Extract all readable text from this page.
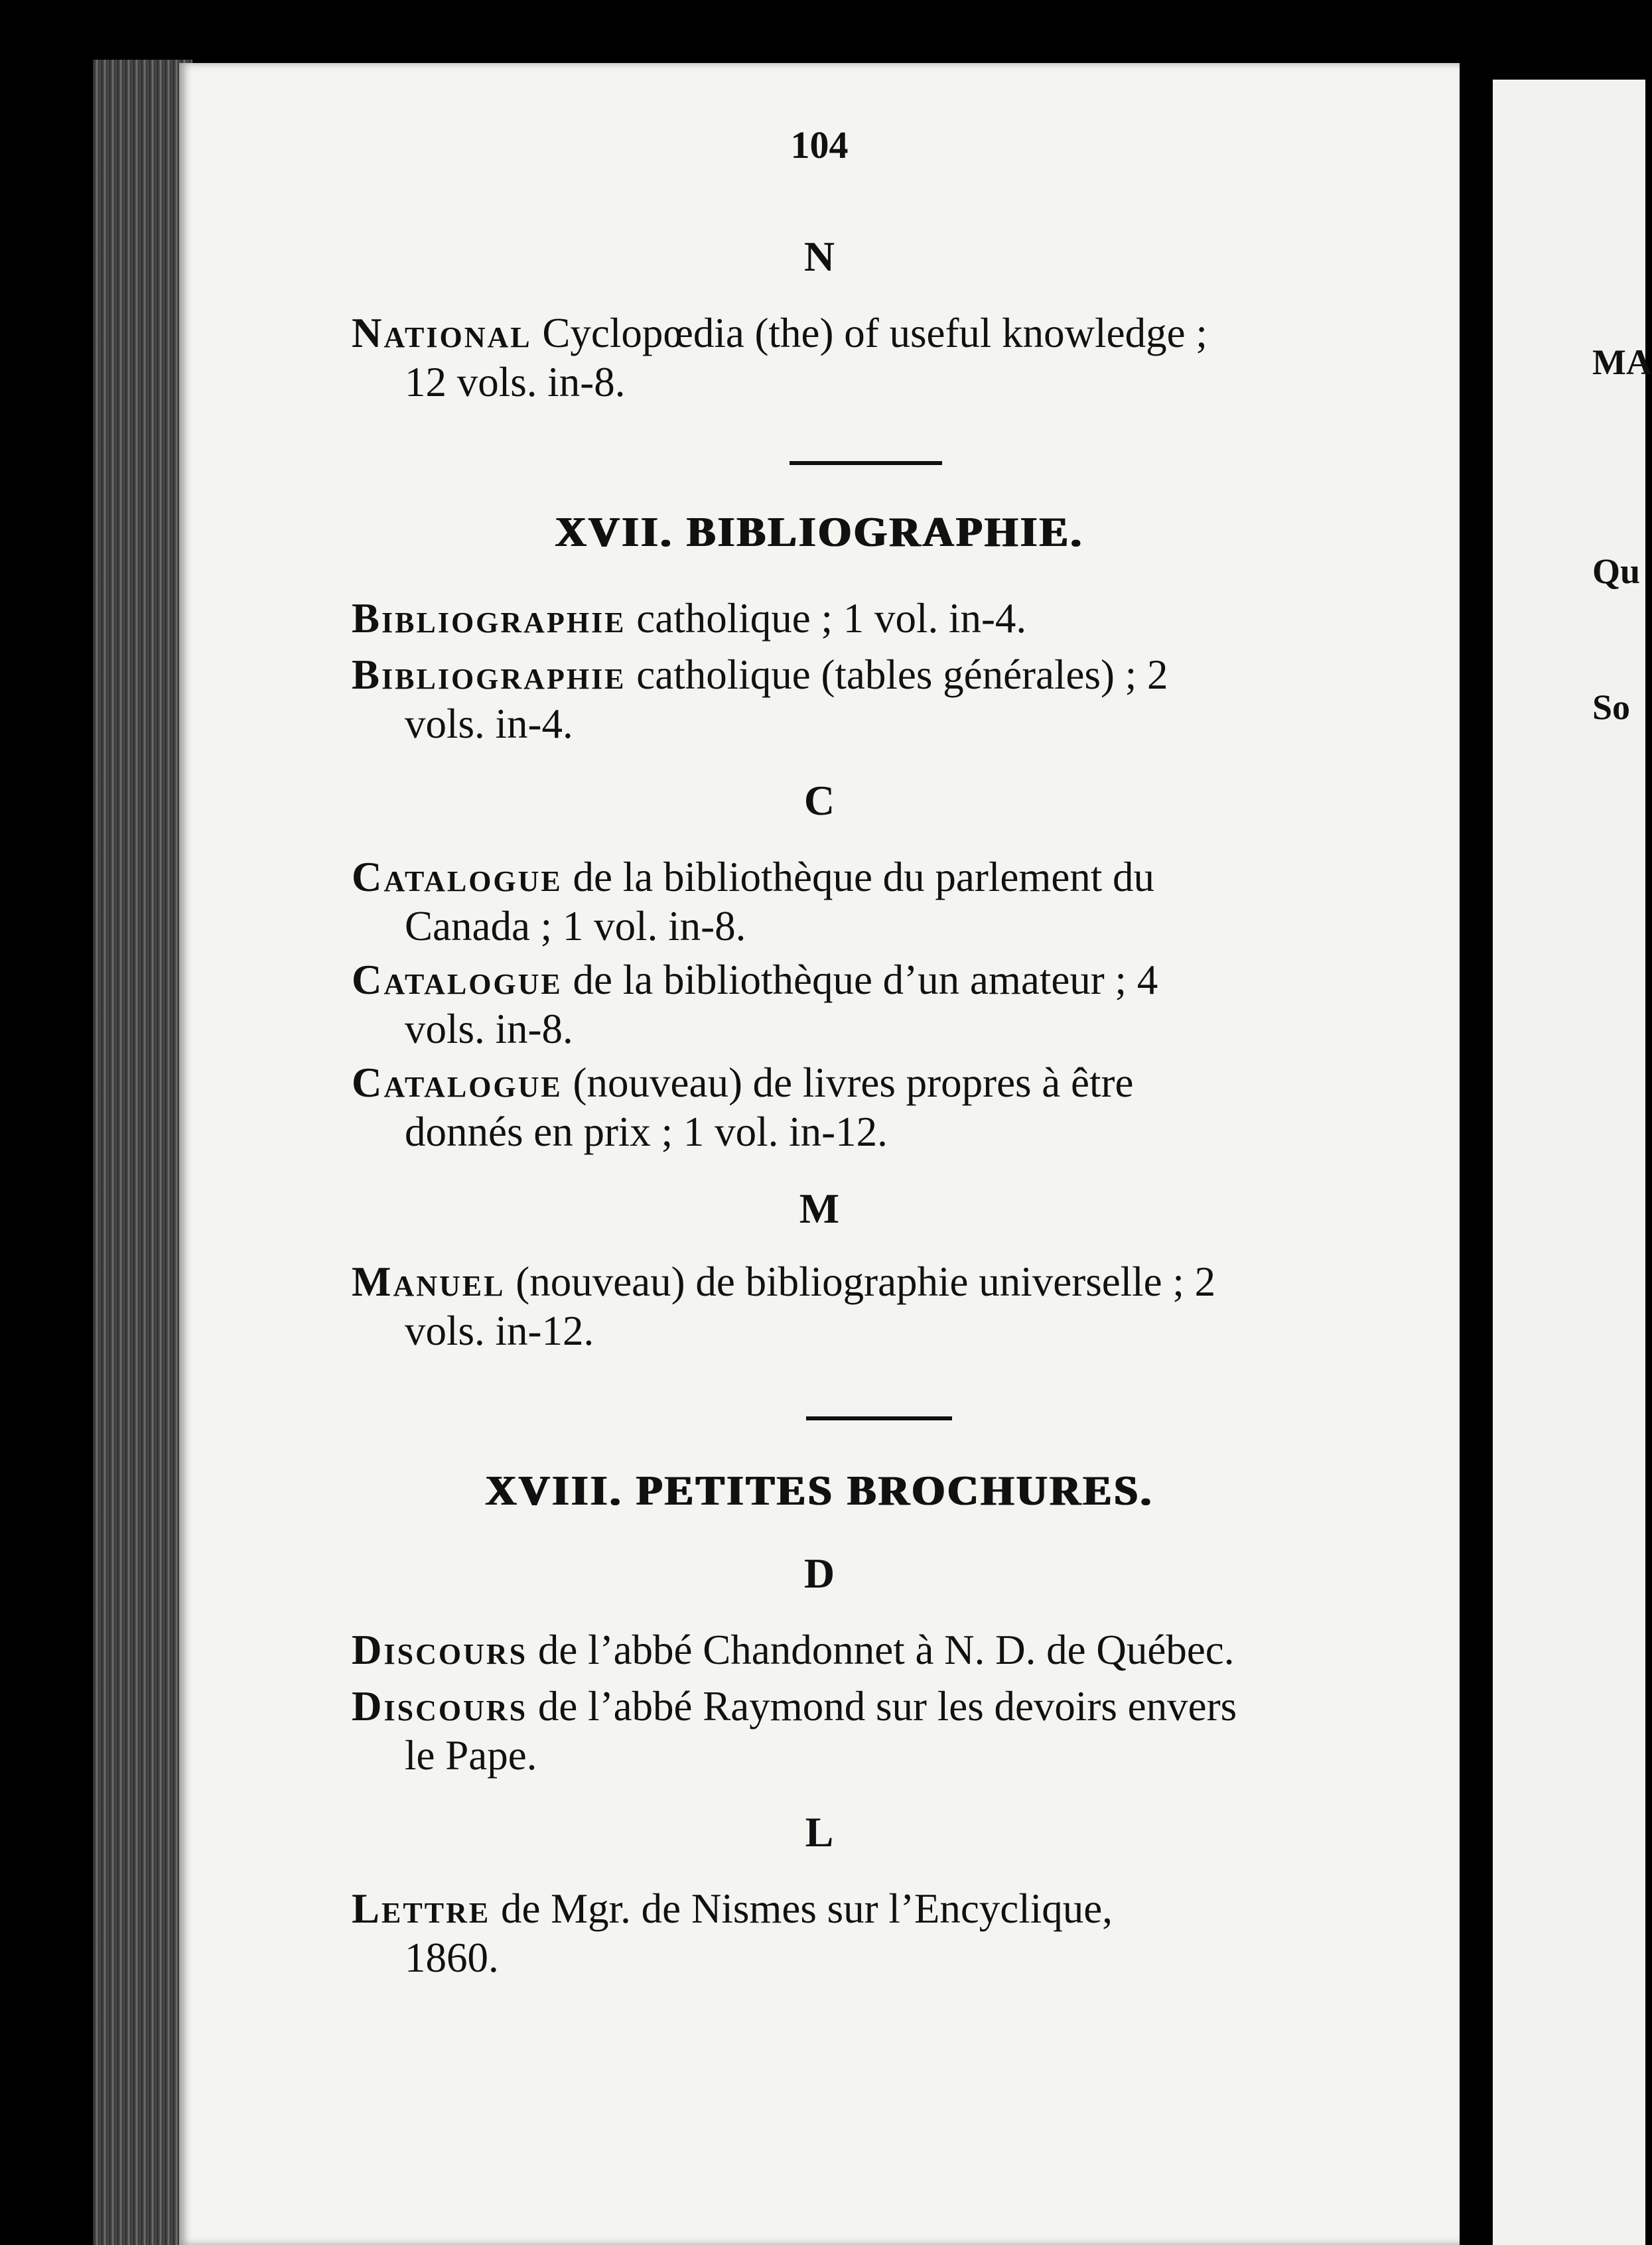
MA
Qu
So
104
N
National Cyclopœdia (the) of useful knowledge ;
12 vols. in-8.
XVII. BIBLIOGRAPHIE.
Bibliographie catholique ; 1 vol. in-4.
Bibliographie catholique (tables générales) ; 2
vols. in-4.
C
Catalogue de la bibliothèque du parlement du
Canada ; 1 vol. in-8.
Catalogue de la bibliothèque d’un amateur ; 4
vols. in-8.
Catalogue (nouveau) de livres propres à être
donnés en prix ; 1 vol. in-12.
M
Manuel (nouveau) de bibliographie universelle ; 2
vols. in-12.
XVIII. PETITES BROCHURES.
D
Discours de l’abbé Chandonnet à N. D. de Québec.
Discours de l’abbé Raymond sur les devoirs envers
le Pape.
L
Lettre de Mgr. de Nismes sur l’Encyclique,
1860.
